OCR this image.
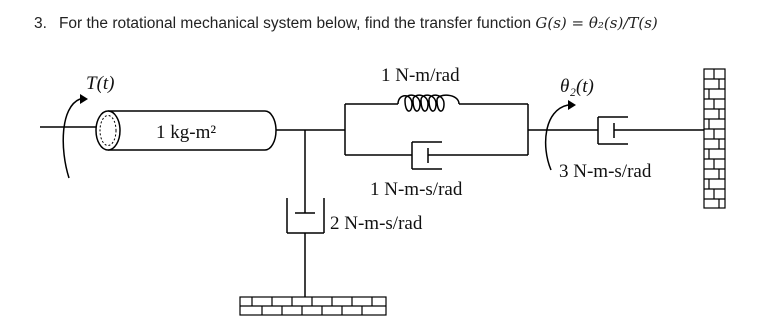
3. For the rotational mechanical system below, find the transfer function G(s) = θ₂(s)/T(s)
T(t)
1 kg-m²
1 N-m/rad
1 N-m-s/rad
2 N-m-s/rad
θ₂(t)
3 N-m-s/rad
